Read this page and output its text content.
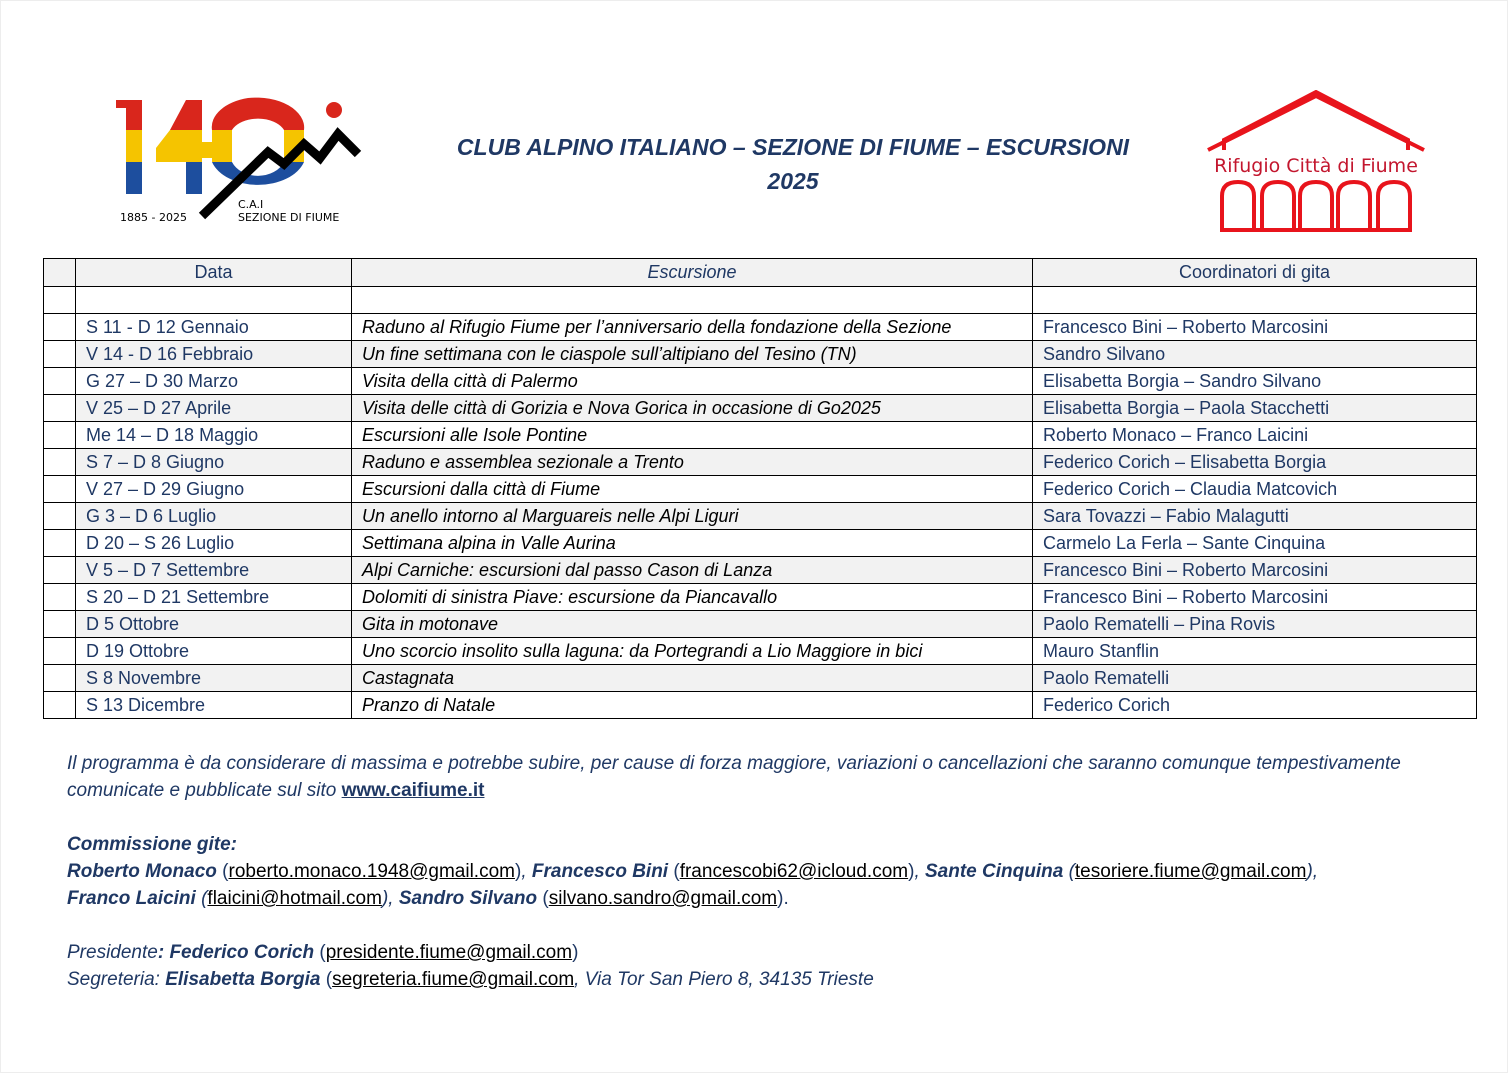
1885 - 2025
C.A.I
SEZIONE DI FIUME
CLUB ALPINO ITALIANO – SEZIONE DI FIUME – ESCURSIONI
2025
Rifugio Città di Fiume
	Data	Escursione	Coordinatori di gita

	S 11 - D 12 Gennaio	Raduno al Rifugio Fiume per l’anniversario della fondazione della Sezione	Francesco Bini – Roberto Marcosini
	V 14 - D 16 Febbraio	Un fine settimana con le ciaspole sull’altipiano del Tesino (TN)	Sandro Silvano
	G 27 – D 30 Marzo	Visita della città di Palermo	Elisabetta Borgia – Sandro Silvano
	V 25 – D 27 Aprile	Visita delle città di Gorizia e Nova Gorica in occasione di Go2025	Elisabetta Borgia – Paola Stacchetti
	Me 14 – D 18 Maggio	Escursioni alle Isole Pontine	Roberto Monaco – Franco Laicini
	S 7 – D 8 Giugno	Raduno e assemblea sezionale a Trento	Federico Corich – Elisabetta Borgia
	V 27 – D 29 Giugno	Escursioni dalla città di Fiume	Federico Corich – Claudia Matcovich
	G 3 – D 6 Luglio	Un anello intorno al Marguareis nelle Alpi Liguri	Sara Tovazzi – Fabio Malagutti
	D 20 – S 26 Luglio	Settimana alpina in Valle Aurina	Carmelo La Ferla – Sante Cinquina
	V 5 – D 7 Settembre	Alpi Carniche: escursioni dal passo Cason di Lanza	Francesco Bini – Roberto Marcosini
	S 20 – D 21 Settembre	Dolomiti di sinistra Piave: escursione da Piancavallo	Francesco Bini – Roberto Marcosini
	D 5 Ottobre	Gita in motonave	Paolo Rematelli – Pina Rovis
	D 19 Ottobre	Uno scorcio insolito sulla laguna: da Portegrandi a Lio Maggiore in bici	Mauro Stanflin
	S 8 Novembre	Castagnata	Paolo Rematelli
	S 13 Dicembre	Pranzo di Natale	Federico Corich
Il programma è da considerare di massima e potrebbe subire, per cause di forza maggiore, variazioni o cancellazioni che saranno comunque tempestivamente comunicate e pubblicate sul sito www.caifiume.it
Commissione gite:
Roberto Monaco (roberto.monaco.1948@gmail.com), Francesco Bini (francescobi62@icloud.com), Sante Cinquina (tesoriere.fiume@gmail.com),
Franco Laicini (flaicini@hotmail.com), Sandro Silvano (silvano.sandro@gmail.com).
Presidente: Federico Corich (presidente.fiume@gmail.com)
Segreteria: Elisabetta Borgia (segreteria.fiume@gmail.com, Via Tor San Piero 8, 34135 Trieste
